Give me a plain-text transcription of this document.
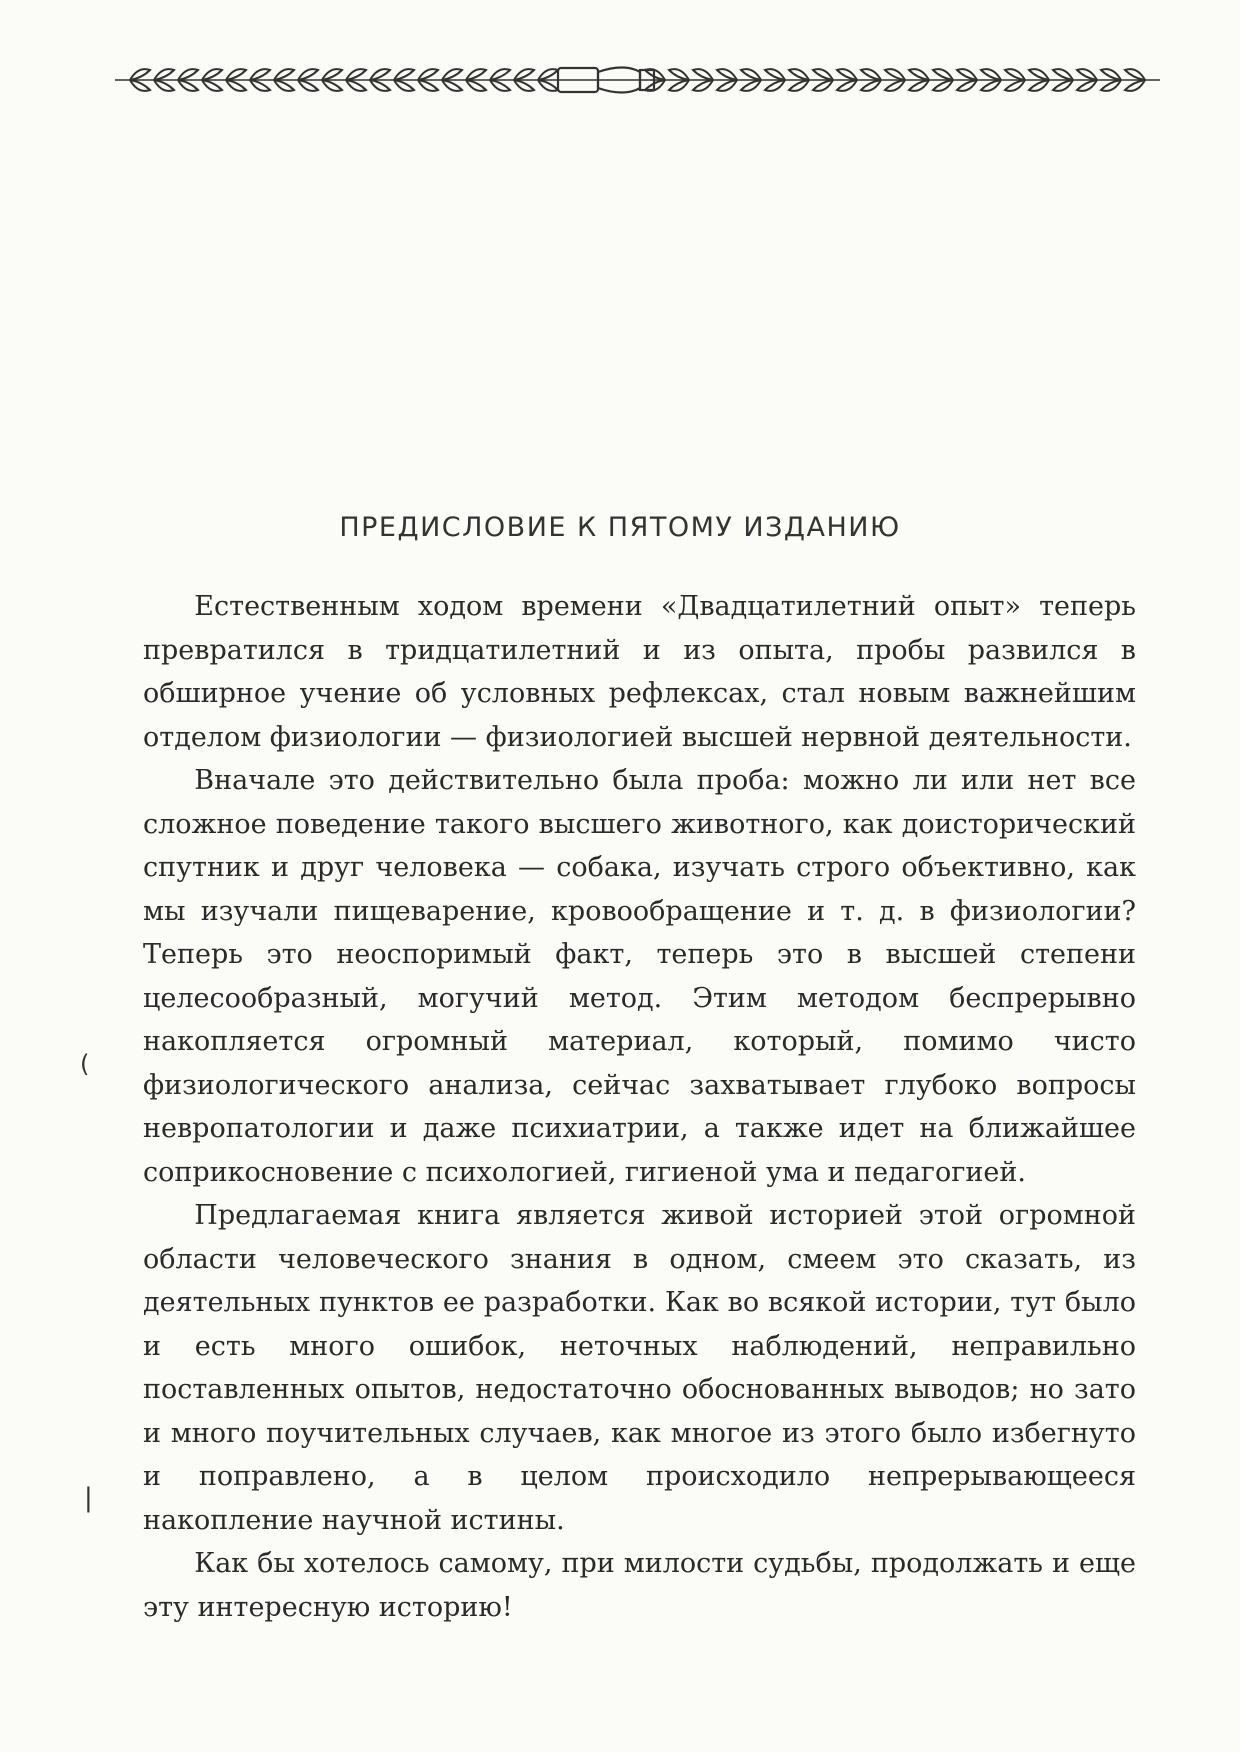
ПРЕДИСЛОВИЕ К ПЯТОМУ ИЗДАНИЮ

Естественным ходом времени «Двадцатилетний опыт» теперь превратился в тридцатилетний и из опыта, пробы развился в обширное учение об условных рефлексах, стал новым важнейшим отделом физиологии — физиологией высшей нервной деятельности.

Вначале это действительно была проба: можно ли или нет все сложное поведение такого высшего животного, как доисторический спутник и друг человека — собака, изучать строго объективно, как мы изучали пищеварение, кровообращение и т. д. в физиологии? Теперь это неоспоримый факт, теперь это в высшей степени целесообразный, могучий метод. Этим методом беспрерывно накопляется огромный материал, который, помимо чисто физиологического анализа, сейчас захватывает глубоко вопросы невропатологии и даже психиатрии, а также идет на ближайшее соприкосновение с психологией, гигиеной ума и педагогией.

Предлагаемая книга является живой историей этой огромной области человеческого знания в одном, смеем это сказать, из деятельных пунктов ее разработки. Как во всякой истории, тут было и есть много ошибок, неточных наблюдений, неправильно поставленных опытов, недостаточно обоснованных выводов; но зато и много поучительных случаев, как многое из этого было избегнуто и поправлено, а в целом происходило непрерывающееся накопление научной истины.

Как бы хотелось самому, при милости судьбы, продолжать и еще эту интересную историю!

(
|
